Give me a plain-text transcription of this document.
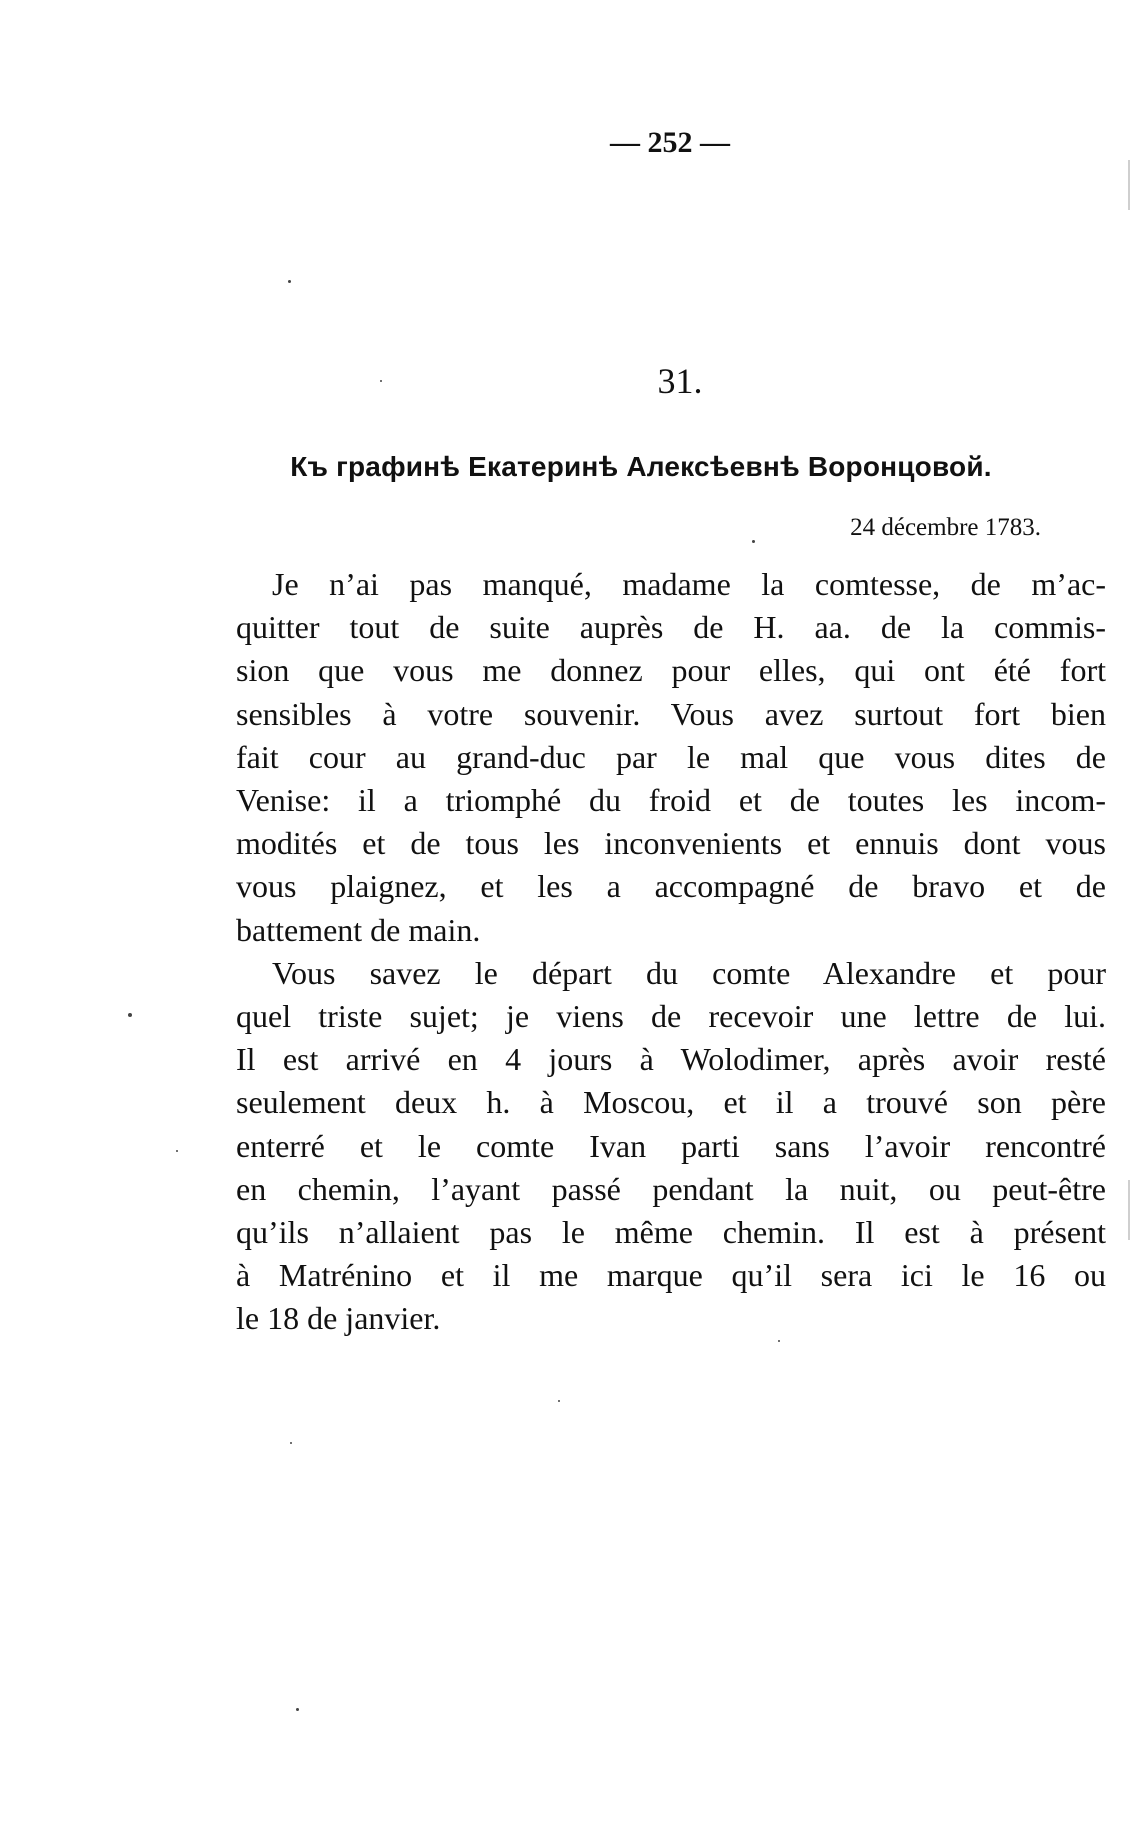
— 252 —
31.
Къ графинѣ Екатеринѣ Алексѣевнѣ Воронцовой.
24 décembre 1783.
Je n’ai pas manqué, madame la comtesse, de m’ac-
quitter tout de suite auprès de H. aa. de la commis-
sion que vous me donnez pour elles, qui ont été fort
sensibles à votre souvenir. Vous avez surtout fort bien
fait cour au grand-duc par le mal que vous dites de
Venise: il a triomphé du froid et de toutes les incom-
modités et de tous les inconvenients et ennuis dont vous
vous plaignez, et les a accompagné de bravo et de
battement de main.
Vous savez le départ du comte Alexandre et pour
quel triste sujet; je viens de recevoir une lettre de lui.
Il est arrivé en 4 jours à Wolodimer, après avoir resté
seulement deux h. à Moscou, et il a trouvé son père
enterré et le comte Ivan parti sans l’avoir rencontré
en chemin, l’ayant passé pendant la nuit, ou peut-être
qu’ils n’allaient pas le même chemin. Il est à présent
à Matrénino et il me marque qu’il sera ici le 16 ou
le 18 de janvier.
